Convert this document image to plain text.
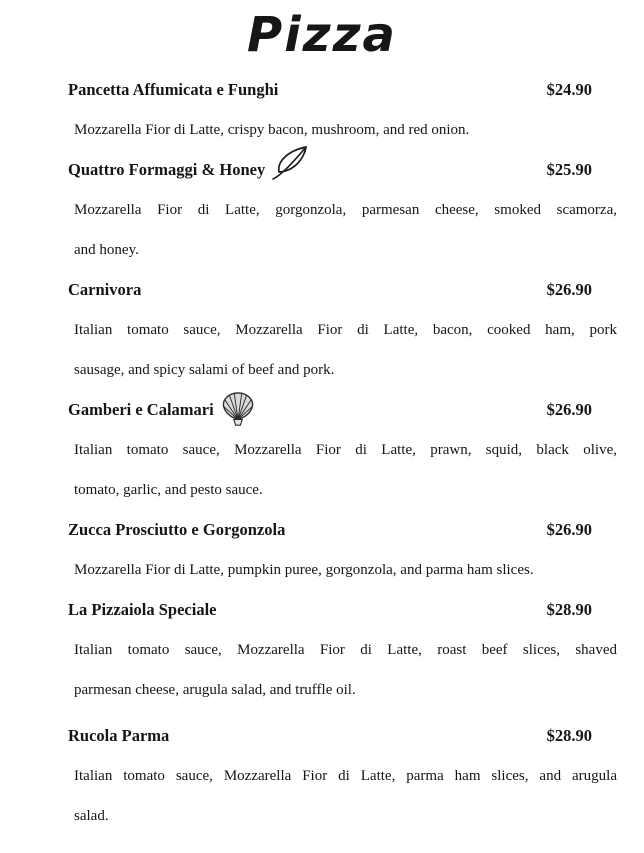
Pizza
Pancetta Affumicata e Funghi	$24.90
Mozzarella Fior di Latte, crispy bacon, mushroom, and red onion.
Quattro Formaggi & Honey	$25.90
Mozzarella Fior di Latte, gorgonzola, parmesan cheese, smoked scamorza,
and honey.
Carnivora	$26.90
Italian tomato sauce, Mozzarella Fior di Latte, bacon, cooked ham, pork
sausage, and spicy salami of beef and pork.
Gamberi e Calamari	$26.90
Italian tomato sauce, Mozzarella Fior di Latte, prawn, squid, black olive,
tomato, garlic, and pesto sauce.
Zucca Prosciutto e Gorgonzola	$26.90
Mozzarella Fior di Latte, pumpkin puree, gorgonzola, and parma ham slices.
La Pizzaiola Speciale	$28.90
Italian tomato sauce, Mozzarella Fior di Latte, roast beef slices, shaved
parmesan cheese, arugula salad, and truffle oil.
Rucola Parma	$28.90
Italian tomato sauce, Mozzarella Fior di Latte, parma ham slices, and arugula
salad.
